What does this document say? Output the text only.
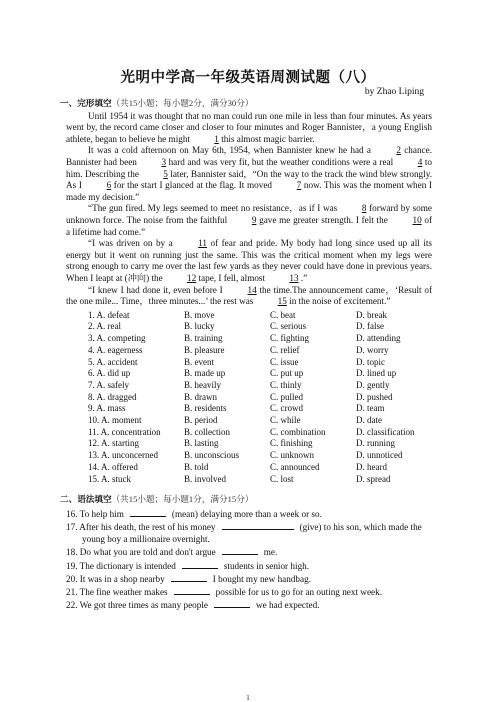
光明中学高一年级英语周测试题（八）
by Zhao Liping
一、完形填空（共15小题；每小题2分，满分30分）

Until 1954 it was thought that no man could run one mile in less than four minutes. As years went by, the record came closer and closer to four minutes and Roger Bannister，a young English athlete, began to believe he might 1 this almost magic barrier.

It was a cold afternoon on May 6th, 1954, when Bannister knew he had a 2 chance. Bannister had been 3 hard and was very fit, but the weather conditions were a real 4 to him. Describing the 5 later, Bannister said，“On the way to the track the wind blew strongly. As I 6 for the start I glanced at the flag. It moved 7 now. This was the moment when I made my decision.”

“The gun fired. My legs seemed to meet no resistance，as if I was 8 forward by some unknown force. The noise from the faithful 9 gave me greater strength. I felt the 10 of a lifetime had come.”

“I was driven on by a 11 of fear and pride. My body had long since used up all its energy but it went on running just the same. This was the critical moment when my legs were strong enough to carry me over the last few yards as they never could have done in previous years. When I leapt at (冲向) the 12 tape, I fell, almost 13 .”

“I knew I had done it, even before I 14 the time.The announcement came，‘Result of the one mile... Time，three minutes...’ the rest was 15 in the noise of excitement.”

1. A. defeat	B. move	C. beat	D. break
2. A. real	B. lucky	C. serious	D. false
3. A. competing	B. training	C. fighting	D. attending
4. A. eagerness	B. pleasure	C. relief	D. worry
5. A. accident	B. event	C. issue	D. topic
6. A. did up	B. made up	C. put up	D. lined up
7. A. safely	B. heavily	C. thinly	D. gently
8. A. dragged	B. drawn	C. pulled	D. pushed
9. A. mass	B. residents	C. crowd	D. team
10. A. moment	B. period	C. while	D. date
11. A. concentration	B. collection	C. combination	D. classification
12. A. starting	B. lasting	C. finishing	D. running
13. A. unconcerned	B. unconscious	C. unknown	D. unnoticed
14. A. offered	B. told	C. announced	D. heard
15. A. stuck	B. involved	C. lost	D. spread
二、语法填空（共15小题；每小题1分，满分15分）
16. To help him	(mean) delaying more than a week or so.
17. After his death, the rest of his money	(give) to his son, which made the young boy a millionaire overnight.
18. Do what you are told and don't argue	me.
19. The dictionary is intended	students in senior high.
20. It was in a shop nearby	I bought my new handbag.
21. The fine weather makes	possible for us to go for an outing next week.
22. We got three times as many people	we had expected.
1
